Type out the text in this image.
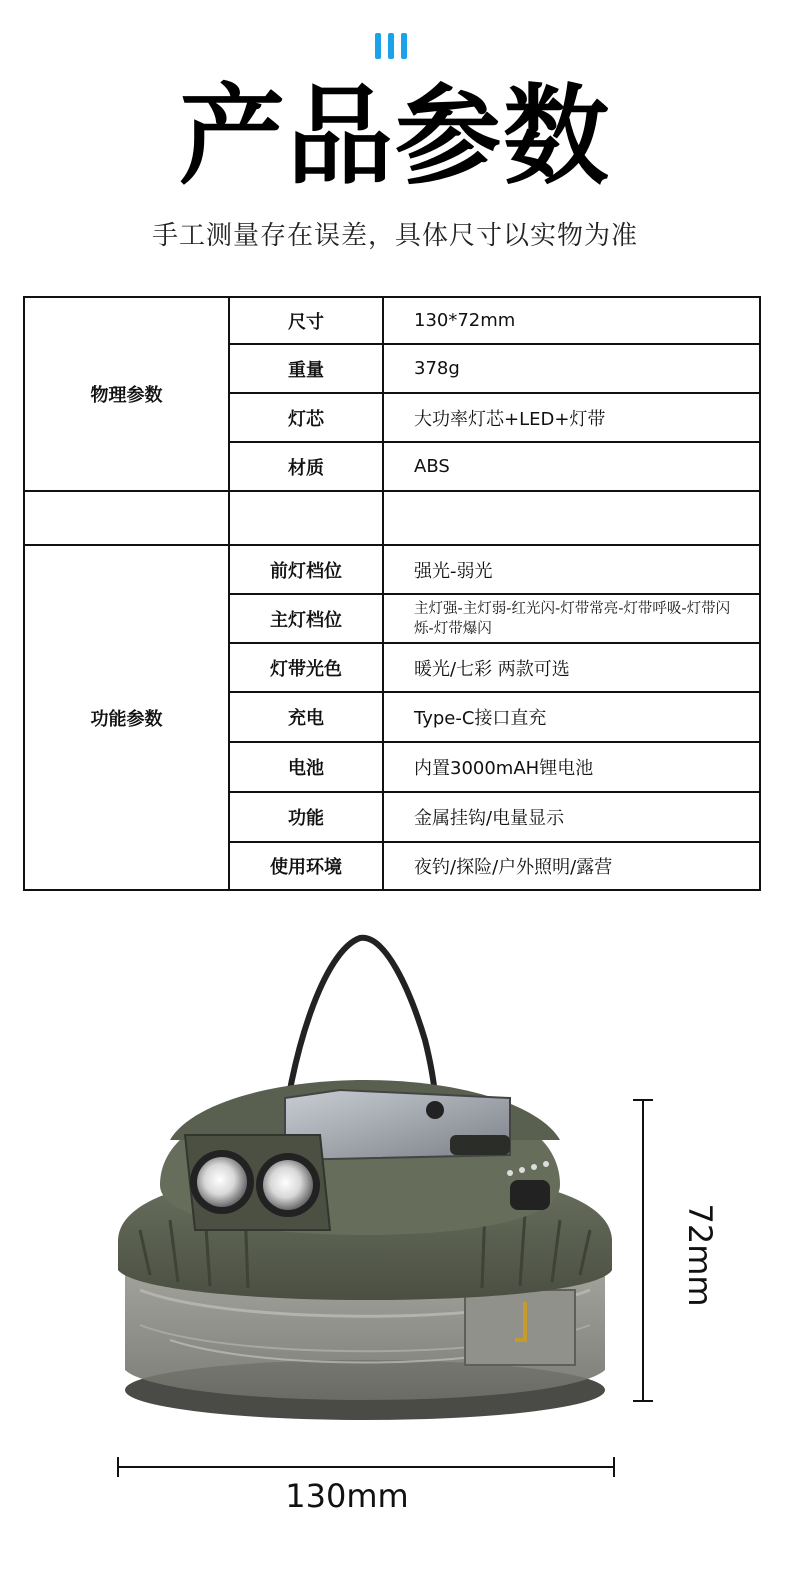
产品参数
手工测量存在误差，具体尺寸以实物为准
物理参数	尺寸	130*72mm
	重量	378g
	灯芯	大功率灯芯+LED+灯带
	材质	ABS

功能参数	前灯档位	强光-弱光
	主灯档位	主灯强-主灯弱-红光闪-灯带常亮-灯带呼吸-灯带闪烁-灯带爆闪
	灯带光色	暖光/七彩 两款可选
	充电	Type-C接口直充
	电池	内置3000mAH锂电池
	功能	金属挂钩/电量显示
	使用环境	夜钓/探险/户外照明/露营
72mm
130mm
